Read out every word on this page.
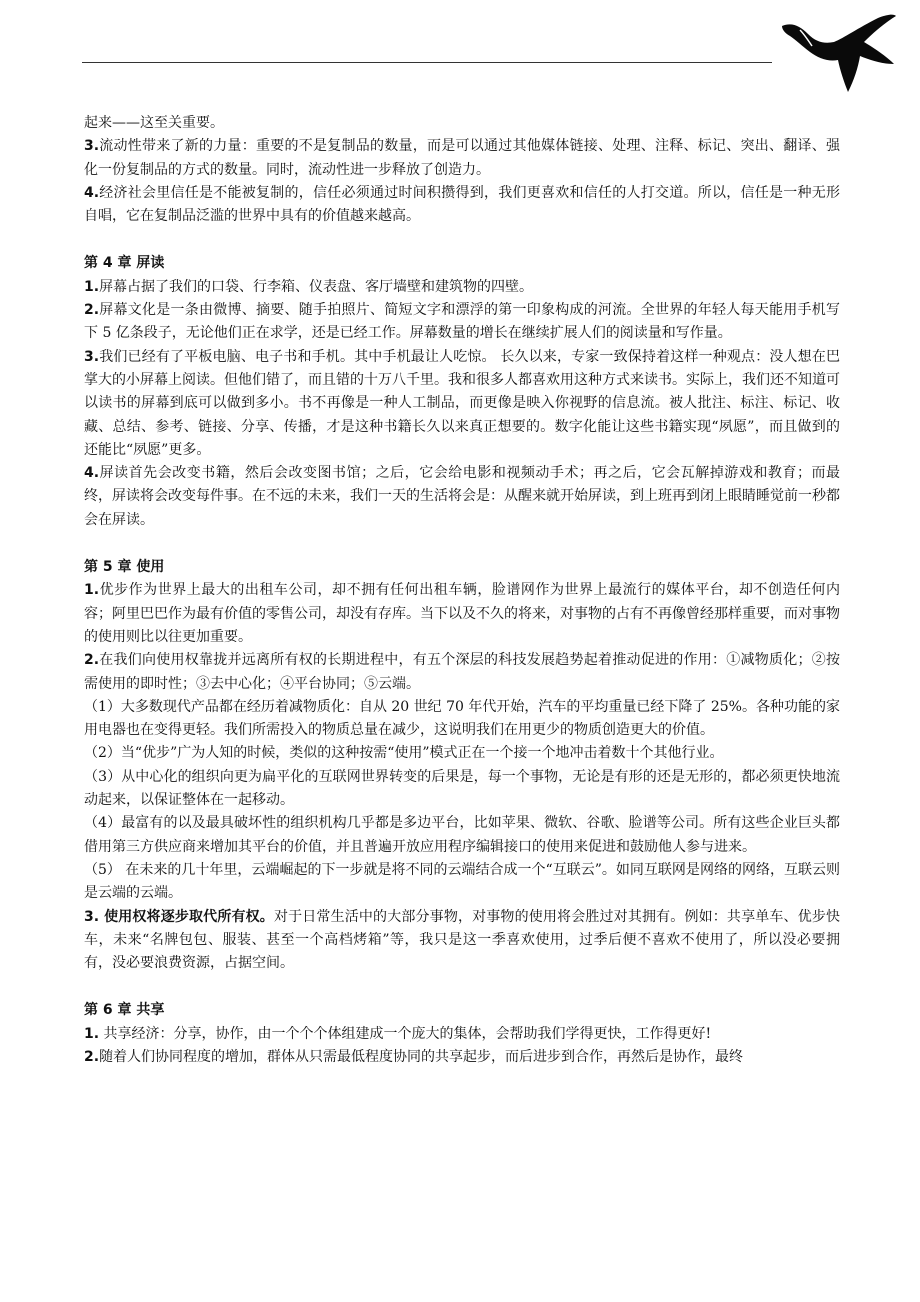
起来——这至关重要。

3.流动性带来了新的力量：重要的不是复制品的数量，而是可以通过其他媒体链接、处理、注释、标记、突出、翻译、强化一份复制品的方式的数量。同时，流动性进一步释放了创造力。

4.经济社会里信任是不能被复制的，信任必须通过时间积攒得到，我们更喜欢和信任的人打交道。所以，信任是一种无形自唱，它在复制品泛滥的世界中具有的价值越来越高。

第 4 章 屏读

1.屏幕占据了我们的口袋、行李箱、仪表盘、客厅墙壁和建筑物的四壁。

2.屏幕文化是一条由微博、摘要、随手拍照片、简短文字和漂浮的第一印象构成的河流。全世界的年轻人每天能用手机写下 5 亿条段子，无论他们正在求学，还是已经工作。屏幕数量的增长在继续扩展人们的阅读量和写作量。

3.我们已经有了平板电脑、电子书和手机。其中手机最让人吃惊。 长久以来，专家一致保持着这样一种观点：没人想在巴掌大的小屏幕上阅读。但他们错了，而且错的十万八千里。我和很多人都喜欢用这种方式来读书。实际上，我们还不知道可以读书的屏幕到底可以做到多小。书不再像是一种人工制品，而更像是映入你视野的信息流。被人批注、标注、标记、收藏、总结、参考、链接、分享、传播，才是这种书籍长久以来真正想要的。数字化能让这些书籍实现“夙愿”，而且做到的还能比“夙愿”更多。

4.屏读首先会改变书籍，然后会改变图书馆；之后，它会给电影和视频动手术；再之后，它会瓦解掉游戏和教育；而最终，屏读将会改变每件事。在不远的未来，我们一天的生活将会是：从醒来就开始屏读，到上班再到闭上眼睛睡觉前一秒都会在屏读。

第 5 章 使用

1.优步作为世界上最大的出租车公司，却不拥有任何出租车辆，脸谱网作为世界上最流行的媒体平台，却不创造任何内容；阿里巴巴作为最有价值的零售公司，却没有存库。当下以及不久的将来，对事物的占有不再像曾经那样重要，而对事物的使用则比以往更加重要。

2.在我们向使用权靠拢并远离所有权的长期进程中，有五个深层的科技发展趋势起着推动促进的作用：①减物质化；②按需使用的即时性；③去中心化；④平台协同；⑤云端。

（1）大多数现代产品都在经历着减物质化：自从 20 世纪 70 年代开始，汽车的平均重量已经下降了 25%。各种功能的家用电器也在变得更轻。我们所需投入的物质总量在减少，这说明我们在用更少的物质创造更大的价值。

（2）当“优步”广为人知的时候，类似的这种按需“使用”模式正在一个接一个地冲击着数十个其他行业。

（3）从中心化的组织向更为扁平化的互联网世界转变的后果是，每一个事物，无论是有形的还是无形的，都必须更快地流动起来，以保证整体在一起移动。

（4）最富有的以及最具破坏性的组织机构几乎都是多边平台，比如苹果、微软、谷歌、脸谱等公司。所有这些企业巨头都借用第三方供应商来增加其平台的价值，并且普遍开放应用程序编辑接口的使用来促进和鼓励他人参与进来。

（5） 在未来的几十年里，云端崛起的下一步就是将不同的云端结合成一个“互联云”。如同互联网是网络的网络，互联云则是云端的云端。

3. 使用权将逐步取代所有权。对于日常生活中的大部分事物，对事物的使用将会胜过对其拥有。例如：共享单车、优步快车，未来“名牌包包、服装、甚至一个高档烤箱”等，我只是这一季喜欢使用，过季后便不喜欢不使用了，所以没必要拥有，没必要浪费资源，占据空间。

第 6 章 共享

1. 共享经济：分享，协作，由一个个个体组建成一个庞大的集体，会帮助我们学得更快，工作得更好!

2.随着人们协同程度的增加，群体从只需最低程度协同的共享起步，而后进步到合作，再然后是协作，最终
